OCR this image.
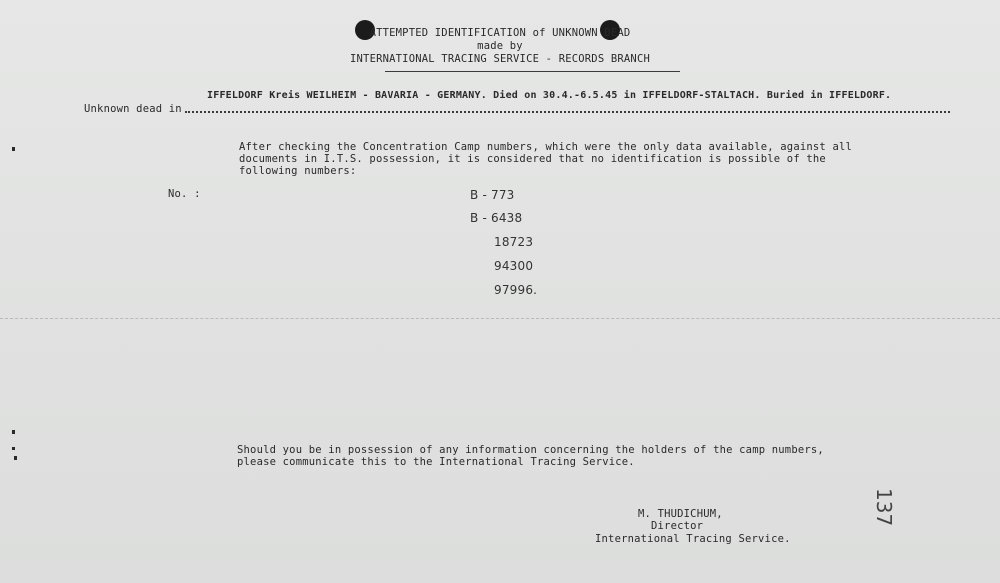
ATTEMPTED IDENTIFICATION of UNKNOWN DEAD
made by
INTERNATIONAL TRACING SERVICE - RECORDS BRANCH
IFFELDORF Kreis WEILHEIM - BAVARIA - GERMANY. Died on 30.4.-6.5.45 in IFFELDORF-STALTACH. Buried in IFFELDORF.
Unknown dead in
After checking the Concentration Camp numbers, which were the only data available, against all
documents in I.T.S. possession, it is considered that no identification is possible of the
following numbers:
No. :	B - 773
B - 6438
18723
94300
97996.
Should you be in possession of any information concerning the holders of the camp numbers,
please communicate this to the International Tracing Service.
M. THUDICHUM,
Director
International Tracing Service.
137
